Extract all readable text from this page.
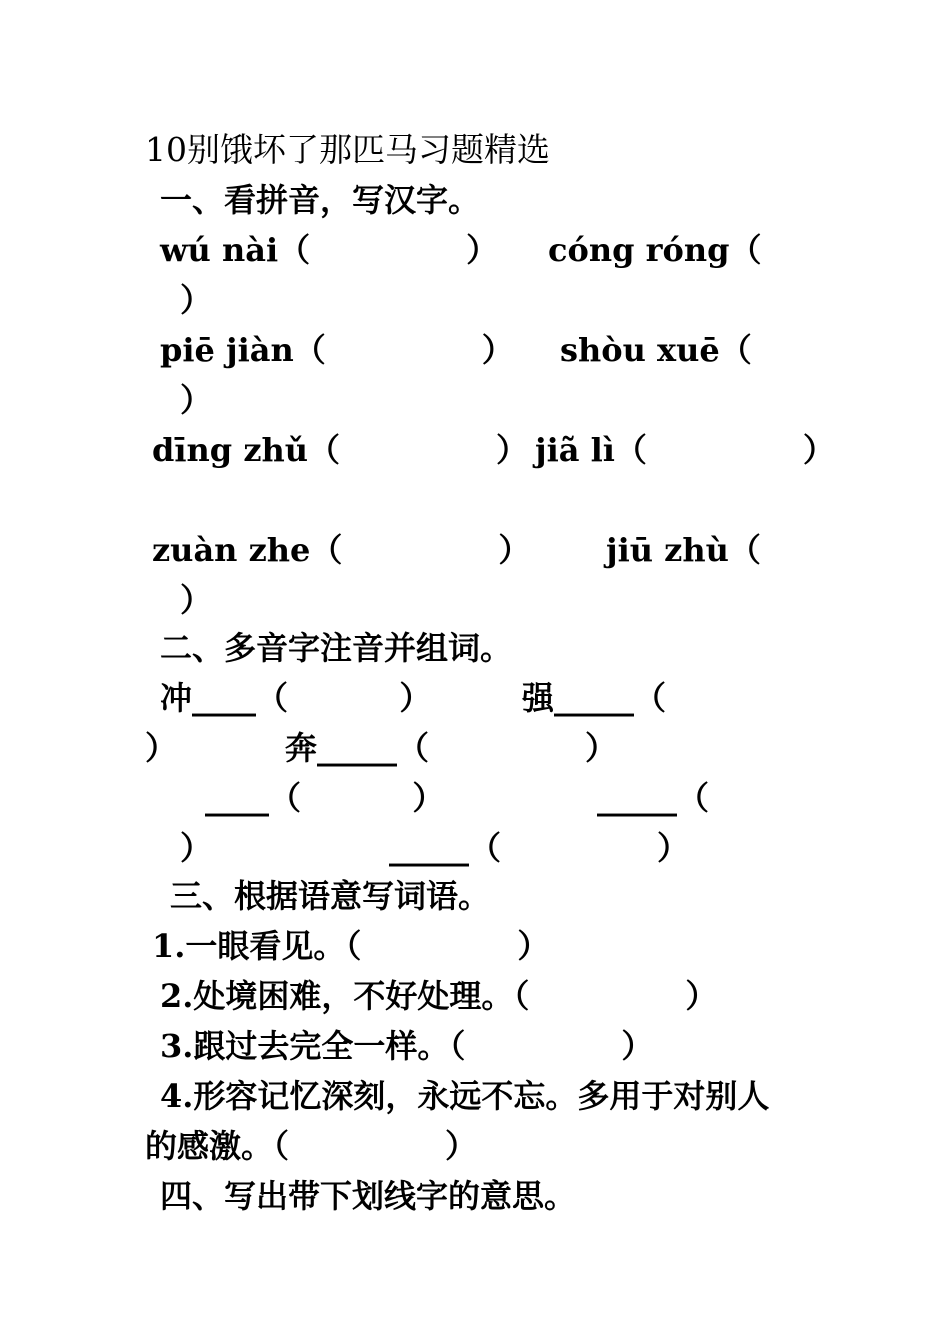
10别饿坏了那匹马习题精选
一、看拼音，写汉字。
wú nài（              ） cóng róng（
）
piē jiàn（              ） shòu xuē（
）
dīng zhǔ（              ） jiã lì（              ）
zuàn zhe（              ） jiū zhù（
）
二、多音字注音并组词。
冲____（          ）	强_____（
）	奔_____（              ）
____（          ）	_____（
）	_____（              ）
三、根据语意写词语。
1.一眼看见。（              ）
2.处境困难，不好处理。（              ）
3.跟过去完全一样。（              ）
4.形容记忆深刻，永远不忘。多用于对别人
的感激。（              ）
四、写出带下划线字的意思。
